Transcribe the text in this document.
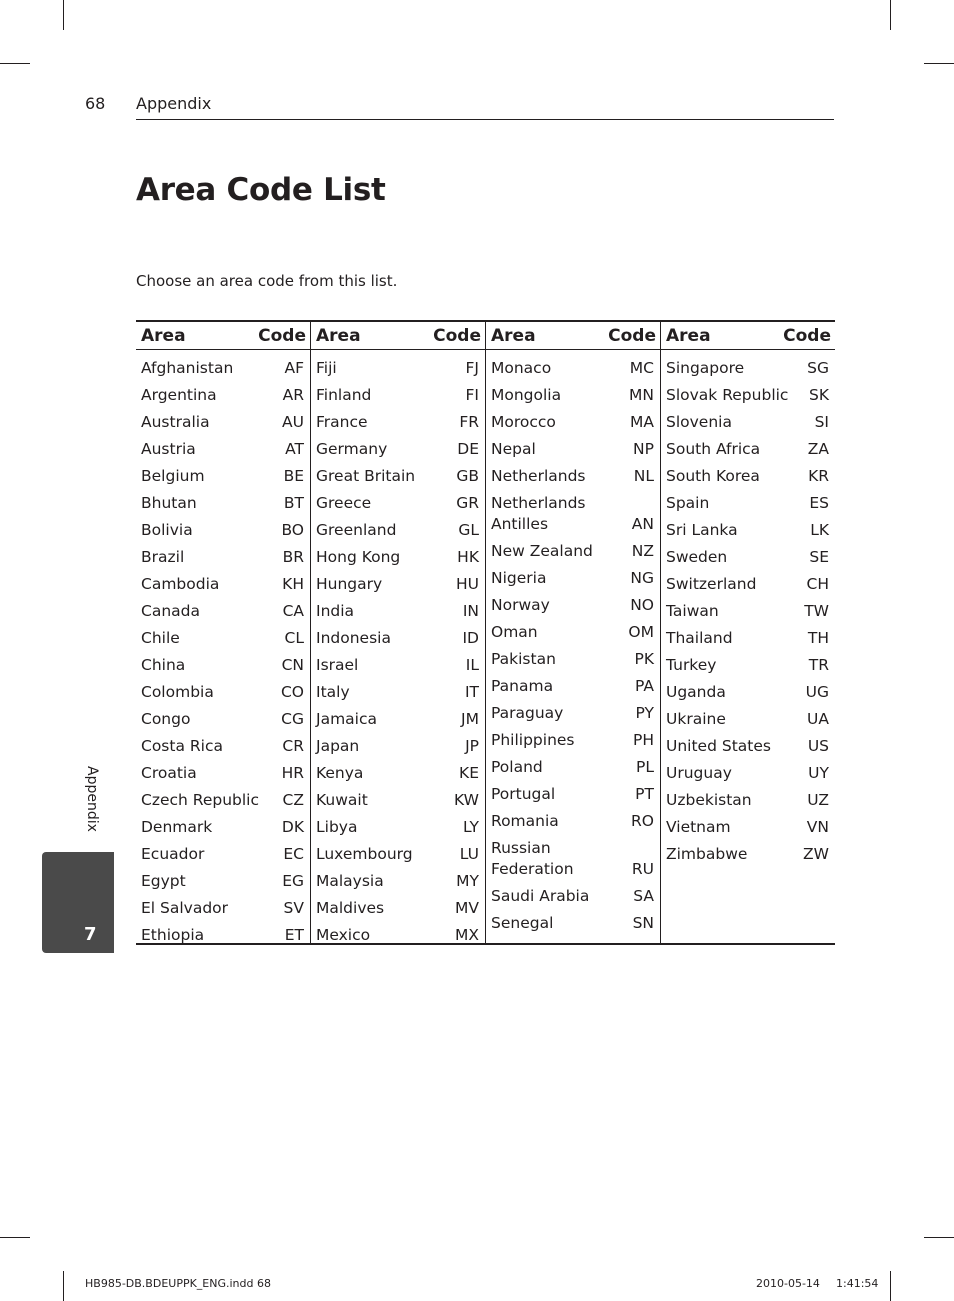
68 Appendix
Area Code List
Choose an area code from this list.
Area	Code
Afghanistan	AF
Argentina	AR
Australia	AU
Austria	AT
Belgium	BE
Bhutan	BT
Bolivia	BO
Brazil	BR
Cambodia	KH
Canada	CA
Chile	CL
China	CN
Colombia	CO
Congo	CG
Costa Rica	CR
Croatia	HR
Czech Republic	CZ
Denmark	DK
Ecuador	EC
Egypt	EG
El Salvador	SV
Ethiopia	ET
Area	Code
Fiji	FJ
Finland	FI
France	FR
Germany	DE
Great Britain	GB
Greece	GR
Greenland	GL
Hong Kong	HK
Hungary	HU
India	IN
Indonesia	ID
Israel	IL
Italy	IT
Jamaica	JM
Japan	JP
Kenya	KE
Kuwait	KW
Libya	LY
Luxembourg	LU
Malaysia	MY
Maldives	MV
Mexico	MX
Area	Code
Monaco	MC
Mongolia	MN
Morocco	MA
Nepal	NP
Netherlands	NL
Netherlands Antilles	AN
New Zealand	NZ
Nigeria	NG
Norway	NO
Oman	OM
Pakistan	PK
Panama	PA
Paraguay	PY
Philippines	PH
Poland	PL
Portugal	PT
Romania	RO
Russian Federation	RU
Saudi Arabia	SA
Senegal	SN
Area	Code
Singapore	SG
Slovak Republic	SK
Slovenia	SI
South Africa	ZA
South Korea	KR
Spain	ES
Sri Lanka	LK
Sweden	SE
Switzerland	CH
Taiwan	TW
Thailand	TH
Turkey	TR
Uganda	UG
Ukraine	UA
United States	US
Uruguay	UY
Uzbekistan	UZ
Vietnam	VN
Zimbabwe	ZW
7
Appendix
HB985-DB.BDEUPPK_ENG.indd 68	2010-05-14 1:41:54
